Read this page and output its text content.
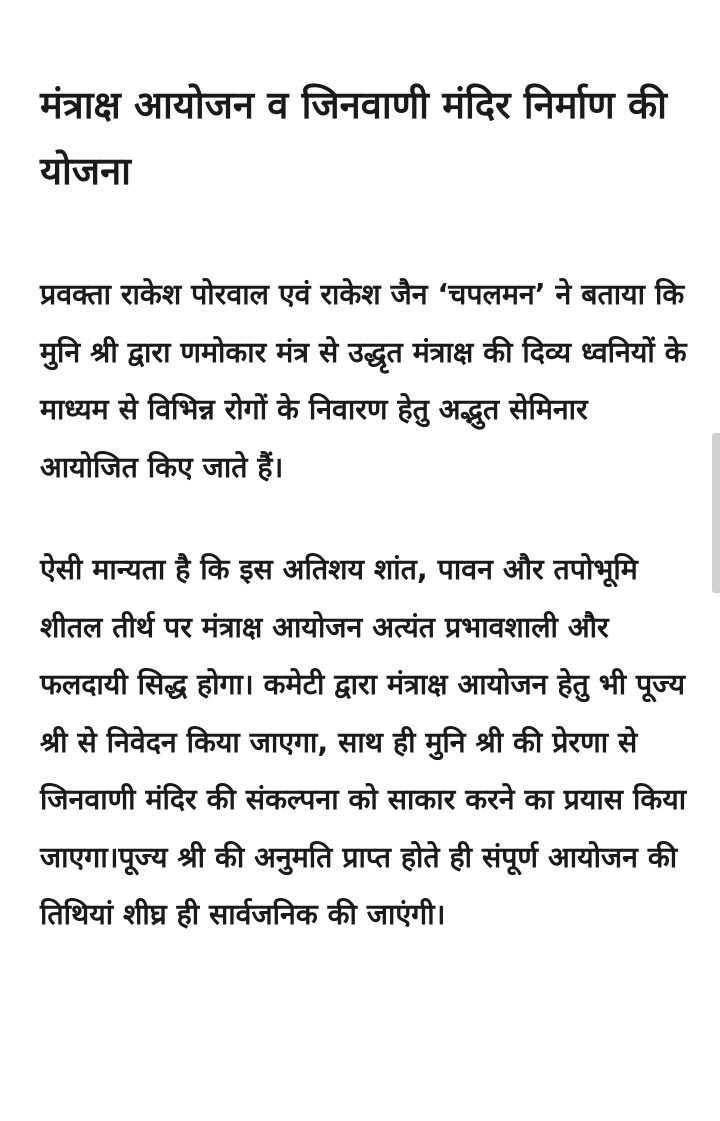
मंत्राक्ष आयोजन व जिनवाणी मंदिर निर्माण की योजना

प्रवक्ता राकेश पोरवाल एवं राकेश जैन ‘चपलमन’ ने बताया कि मुनि श्री द्वारा णमोकार मंत्र से उद्धृत मंत्राक्ष की दिव्य ध्वनियों के माध्यम से विभिन्न रोगों के निवारण हेतु अद्भुत सेमिनार आयोजित किए जाते हैं।

ऐसी मान्यता है कि इस अतिशय शांत, पावन और तपोभूमि शीतल तीर्थ पर मंत्राक्ष आयोजन अत्यंत प्रभावशाली और फलदायी सिद्ध होगा। कमेटी द्वारा मंत्राक्ष आयोजन हेतु भी पूज्य श्री से निवेदन किया जाएगा, साथ ही मुनि श्री की प्रेरणा से जिनवाणी मंदिर की संकल्पना को साकार करने का प्रयास किया जाएगा।पूज्य श्री की अनुमति प्राप्त होते ही संपूर्ण आयोजन की तिथियां शीघ्र ही सार्वजनिक की जाएंगी।
